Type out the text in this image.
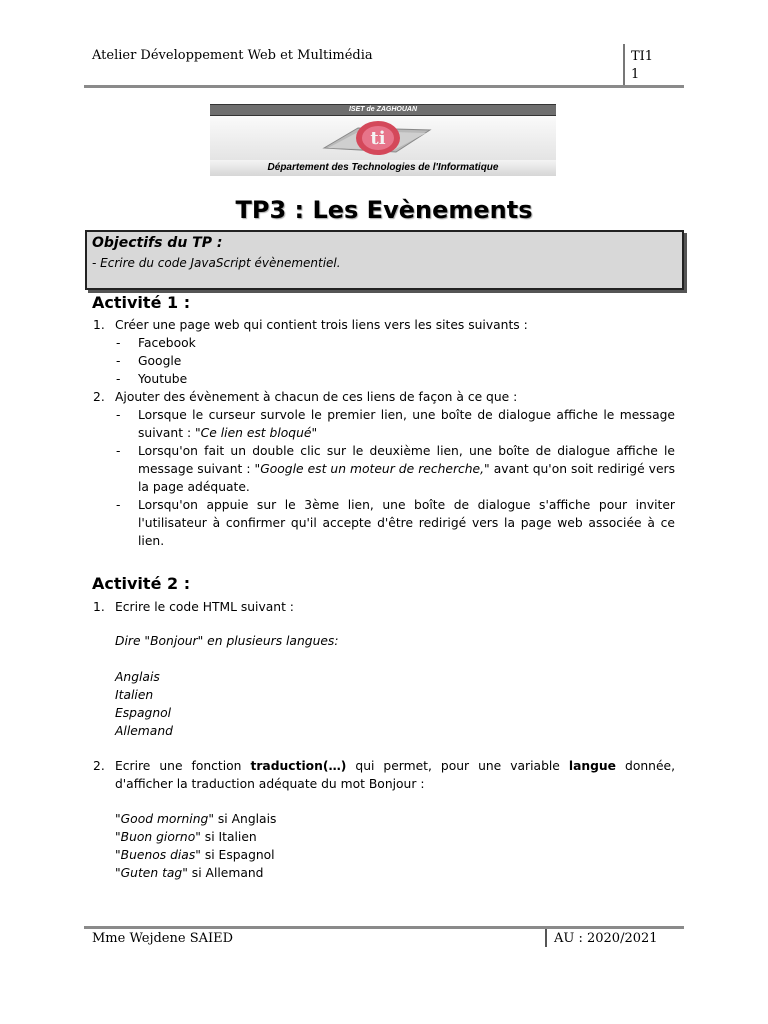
Atelier Développement Web et Multimédia	TI1
1
ISET de ZAGHOUAN
ti
Département des Technologies de l'Informatique
TP3 : Les Evènements
Objectifs du TP :
- Ecrire du code JavaScript évènementiel.
Activité 1 :
1. Créer une page web qui contient trois liens vers les sites suivants :
- Facebook
- Google
- Youtube
2. Ajouter des évènement à chacun de ces liens de façon à ce que :
- Lorsque le curseur survole le premier lien, une boîte de dialogue affiche le message
suivant : "Ce lien est bloqué"
- Lorsqu'on fait un double clic sur le deuxième lien, une boîte de dialogue affiche le
message suivant : "Google est un moteur de recherche," avant qu'on soit redirigé vers
la page adéquate.
- Lorsqu'on appuie sur le 3ème lien, une boîte de dialogue s'affiche pour inviter
l'utilisateur à confirmer qu'il accepte d'être redirigé vers la page web associée à ce
lien.
Activité 2 :
1. Ecrire le code HTML suivant :
Dire "Bonjour" en plusieurs langues:
Anglais
Italien
Espagnol
Allemand
2. Ecrire une fonction traduction(…) qui permet, pour une variable langue donnée,
d'afficher la traduction adéquate du mot Bonjour :
"Good morning" si Anglais
"Buon giorno" si Italien
"Buenos dias" si Espagnol
"Guten tag" si Allemand
Mme Wejdene SAIED	AU : 2020/2021
